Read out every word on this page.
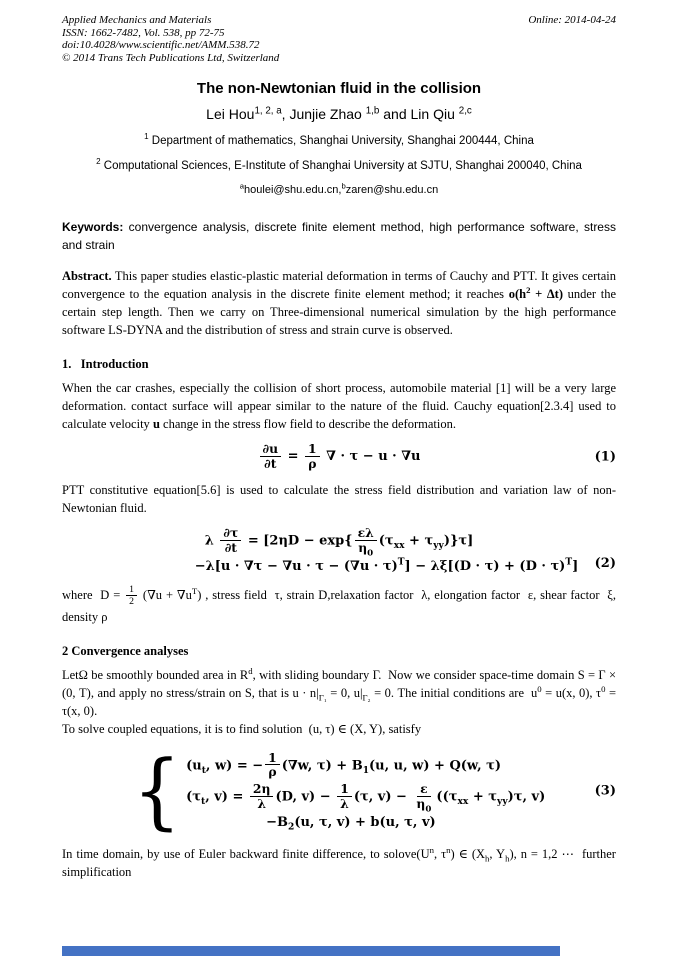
Applied Mechanics and Materials
ISSN: 1662-7482, Vol. 538, pp 72-75
doi:10.4028/www.scientific.net/AMM.538.72
© 2014 Trans Tech Publications Ltd, Switzerland
Online: 2014-04-24
The non-Newtonian fluid in the collision
Lei Hou$^{1, 2, a}$, Junjie Zhao $^{1,b}$ and Lin Qiu $^{2,c}$
$^1$ Department of mathematics, Shanghai University, Shanghai 200444, China
$^2$ Computational Sciences, E-Institute of Shanghai University at SJTU, Shanghai 200040, China
$^a$houlei@shu.edu.cn,$^b$zaren@shu.edu.cn

Keywords: convergence analysis, discrete finite element method, high performance software, stress and strain

Abstract. This paper studies elastic-plastic material deformation in terms of Cauchy and PTT. It gives certain convergence to the equation analysis in the discrete finite element method; it reaches $o(h^2 + \Delta t)$ under the certain step length. Then we carry on Three-dimensional numerical simulation by the high performance software LS-DYNA and the distribution of stress and strain curve is observed.

1.   Introduction

When the car crashes, especially the collision of short process, automobile material [1] will be a very large deformation. contact surface will appear similar to the nature of the fluid. Cauchy equation[2.3.4] used to calculate velocity u change in the stress flow field to describe the deformation.

$\frac{\partial u}{\partial t} = \frac{1}{\rho}$ ∇ · τ − u · ∇u	(1)

PTT constitutive equation[5.6] is used to calculate the stress field distribution and variation law of non-Newtonian fluid.

λ $\frac{\partial\tau}{\partial t} = [2\eta D - \exp\{ \frac{\varepsilon\lambda}{\eta_0} (\tau_{xx} + \tau_{yy})\}\tau]$
$-\lambda[u \cdot \nabla\tau - \nabla u \cdot \tau - (\nabla u \cdot \tau)^T] - \lambda\xi[(D \cdot \tau) + (D \cdot \tau)^T]$	(2)

where  $D = \frac{1}{2} (\nabla u + \nabla u^T)$ , stress field  τ, strain D,relaxation factor  λ, elongation factor  ε, shear factor  ξ, density ρ

2 Convergence analyses

LetΩ be smoothly bounded area in $R^d$, with sliding boundary Γ.  Now we consider space-time domain S = Γ × (0, T), and apply no stress/strain on S, that is $u \cdot n|_{\Gamma_1} = 0$, $u|_{\Gamma_2} = 0$. The initial conditions are  $u^0 = u(x$, 0), $\tau^0 = \tau(x$, 0).

To solve coupled equations, it is to find solution  (u, τ) ∈ (X, Y), satisfy

{ ($u_t$, w) = − $\frac{1}{\rho} (\nabla w$, $\tau) + B_1(u$, u, w) + Q(w, τ)
($\tau_t$, $v) = \frac{2\eta}{\lambda} (D$, $v) - \frac{1}{\lambda} (\tau$, $v) - \frac{\varepsilon}{\eta_0} ((\tau_{xx} + \tau_{yy})\tau$, v)
$-B_2(u$, τ, v) + b(u, τ, v)
(3)

In time domain, by use of Euler backward finite difference, to $solove(U^n$, $\tau^n$) ∈ ($X_h$, $Y_h$), n = 1,2 ⋯  further simplification
